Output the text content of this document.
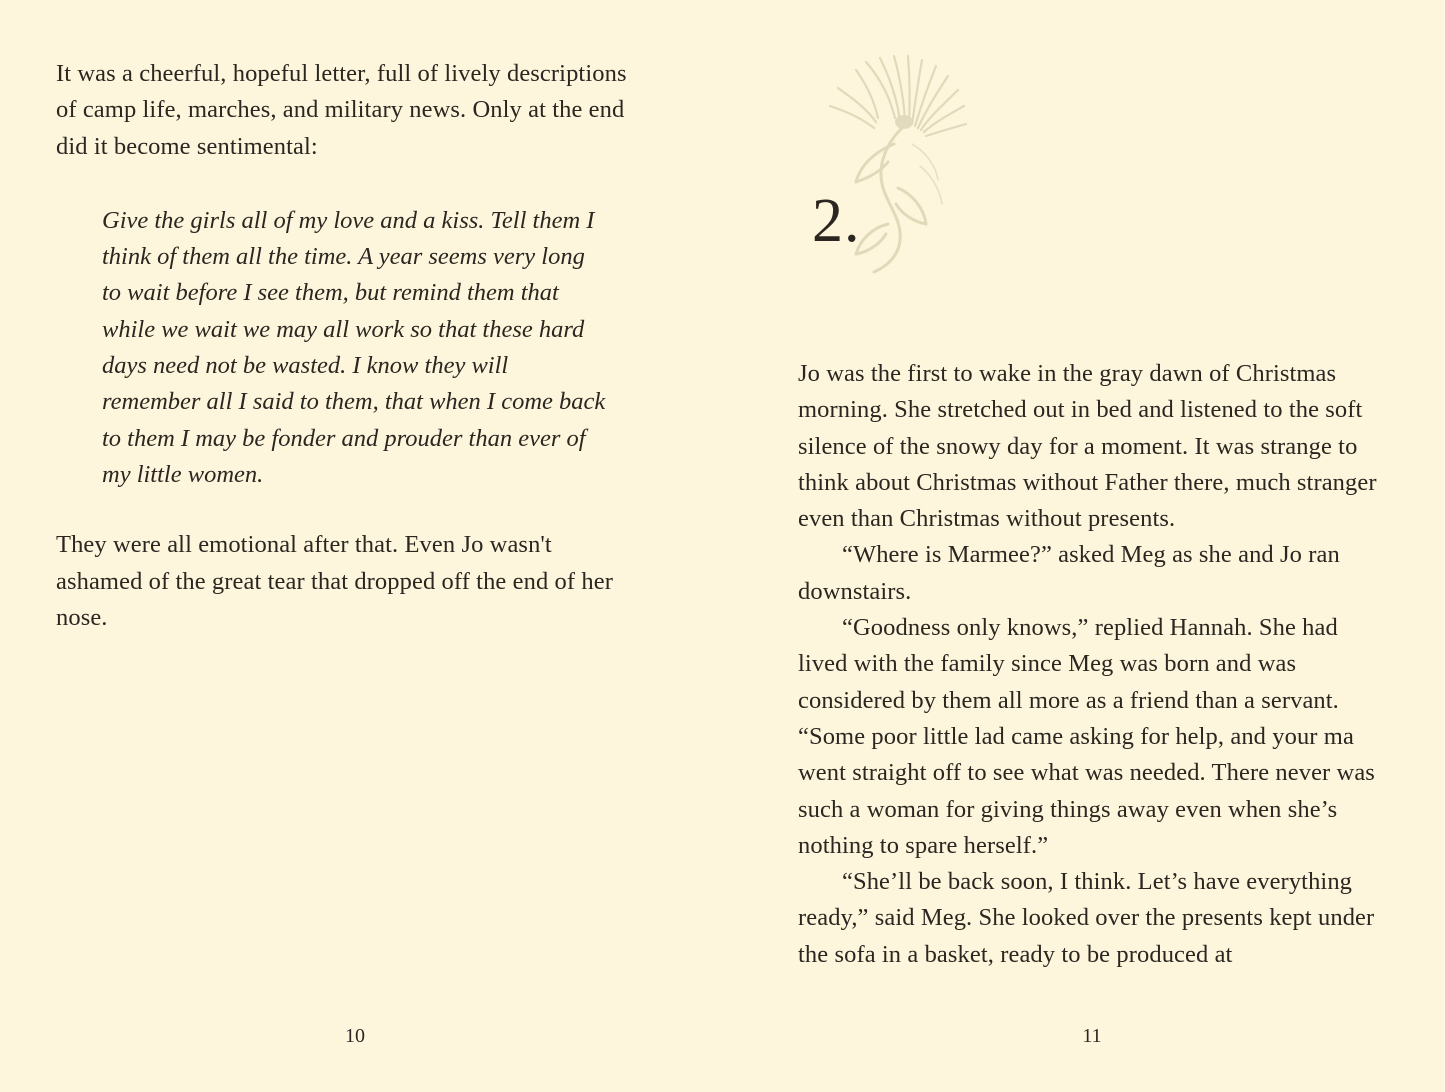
It was a cheerful, hopeful letter, full of lively descriptions of camp life, marches, and military news. Only at the end did it become sentimental:

Give the girls all of my love and a kiss. Tell them I think of them all the time. A year seems very long to wait before I see them, but remind them that while we wait we may all work so that these hard days need not be wasted. I know they will remember all I said to them, that when I come back to them I may be fonder and prouder than ever of my little women.

They were all emotional after that. Even Jo wasn't ashamed of the great tear that dropped off the end of her nose.

10
2.

Jo was the first to wake in the gray dawn of Christmas morning. She stretched out in bed and listened to the soft silence of the snowy day for a moment. It was strange to think about Christmas without Father there, much stranger even than Christmas without presents.

“Where is Marmee?” asked Meg as she and Jo ran downstairs.

“Goodness only knows,” replied Hannah. She had lived with the family since Meg was born and was considered by them all more as a friend than a servant. “Some poor little lad came asking for help, and your ma went straight off to see what was needed. There never was such a woman for giving things away even when she’s nothing to spare herself.”

“She’ll be back soon, I think. Let’s have everything ready,” said Meg. She looked over the presents kept under the sofa in a basket, ready to be produced at

11
